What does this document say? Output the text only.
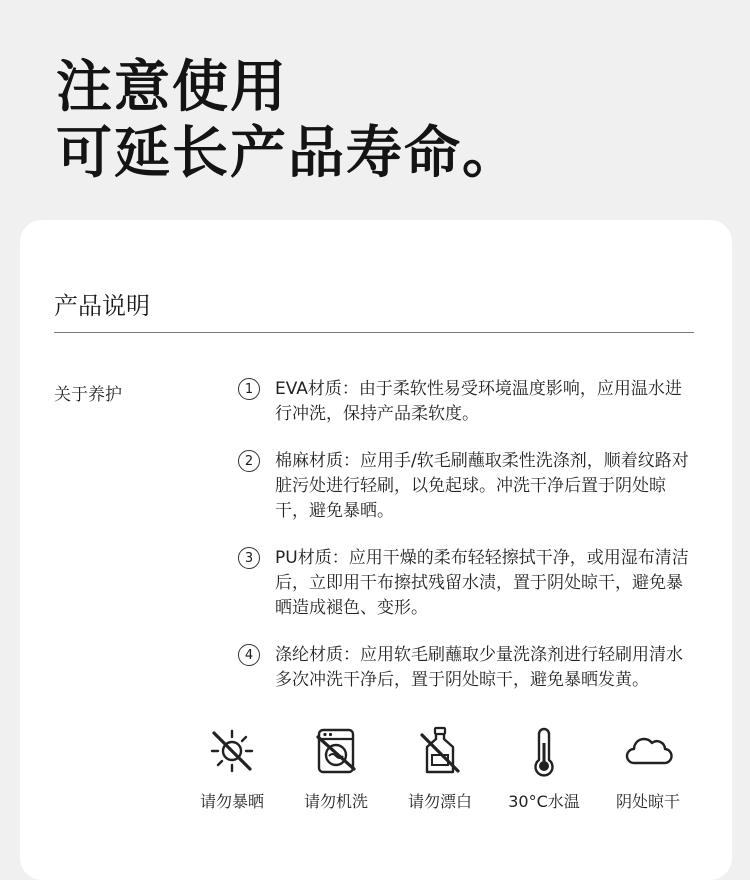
注意使用
可延长产品寿命。
产品说明
关于养护	1	EVA材质：由于柔软性易受环境温度影响，应用温水进行冲洗，保持产品柔软度。
2	棉麻材质：应用手/软毛刷蘸取柔性洗涤剂，顺着纹路对脏污处进行轻刷，以免起球。冲洗干净后置于阴处晾干，避免暴晒。
3	PU材质：应用干燥的柔布轻轻擦拭干净，或用湿布清洁后，立即用干布擦拭残留水渍，置于阴处晾干，避免暴晒造成褪色、变形。
4	涤纶材质：应用软毛刷蘸取少量洗涤剂进行轻刷用清水多次冲洗干净后，置于阴处晾干，避免暴晒发黄。
请勿暴晒	请勿机洗	请勿漂白	30°C水温	阴处晾干
